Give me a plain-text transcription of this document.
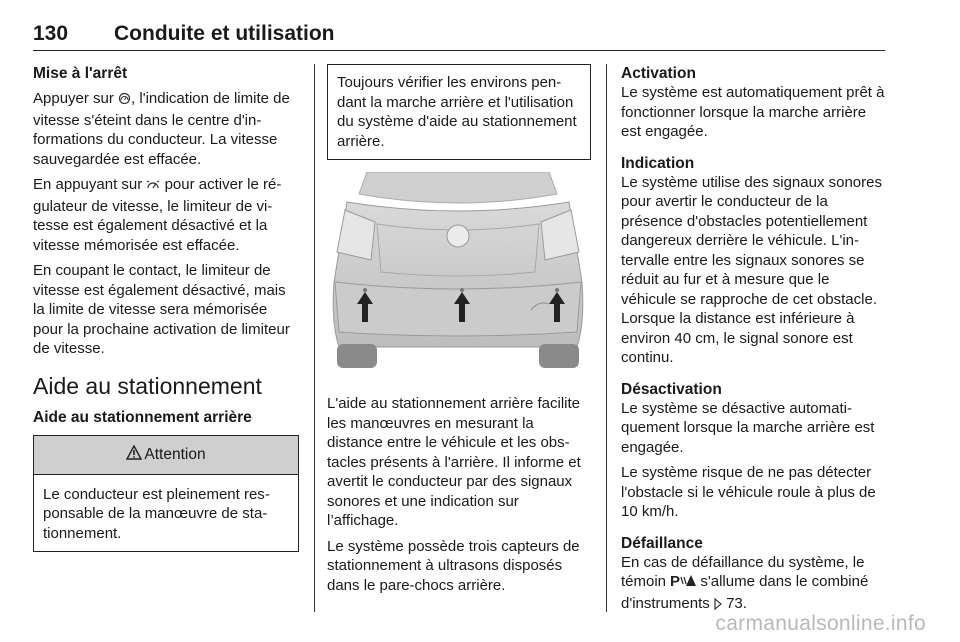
130 Conduite et utilisation
Mise à l'arrêt

Appuyer sur , l'indication de limite de vitesse s'éteint dans le centre d'informations du conducteur. La vitesse sauvegardée est effacée.

En appuyant sur pour activer le régulateur de vitesse, le limiteur de vitesse est également désactivé et la vitesse mémorisée est effacée.

En coupant le contact, le limiteur de vitesse est également désactivé, mais la limite de vitesse sera mémorisée pour la prochaine activation de limiteur de vitesse.

Aide au stationnement
Aide au stationnement arrière
Attention

Le conducteur est pleinement responsable de la manœuvre de stationnement.

Toujours vérifier les environs pendant la marche arrière et l'utilisation du système d'aide au stationnement arrière.

L'aide au stationnement arrière facilite les manœuvres en mesurant la distance entre le véhicule et les obstacles présents à l'arrière. Il informe et avertit le conducteur par des signaux sonores et une indication sur l’affichage.

Le système possède trois capteurs de stationnement à ultrasons disposés dans le pare-chocs arrière.

Activation

Le système est automatiquement prêt à fonctionner lorsque la marche arrière est engagée.

Indication

Le système utilise des signaux sonores pour avertir le conducteur de la présence d'obstacles potentiellement dangereux derrière le véhicule. L'intervalle entre les signaux sonores se réduit au fur et à mesure que le véhicule se rapproche de cet obstacle. Lorsque la distance est inférieure à environ 40 cm, le signal sonore est continu.

Désactivation

Le système se désactive automatiquement lorsque la marche arrière est engagée.

Le système risque de ne pas détecter l'obstacle si le véhicule roule à plus de 10 km/h.

Défaillance

En cas de défaillance du système, le témoin P s'allume dans le combiné d'instruments 73.

carmanualsonline.info
